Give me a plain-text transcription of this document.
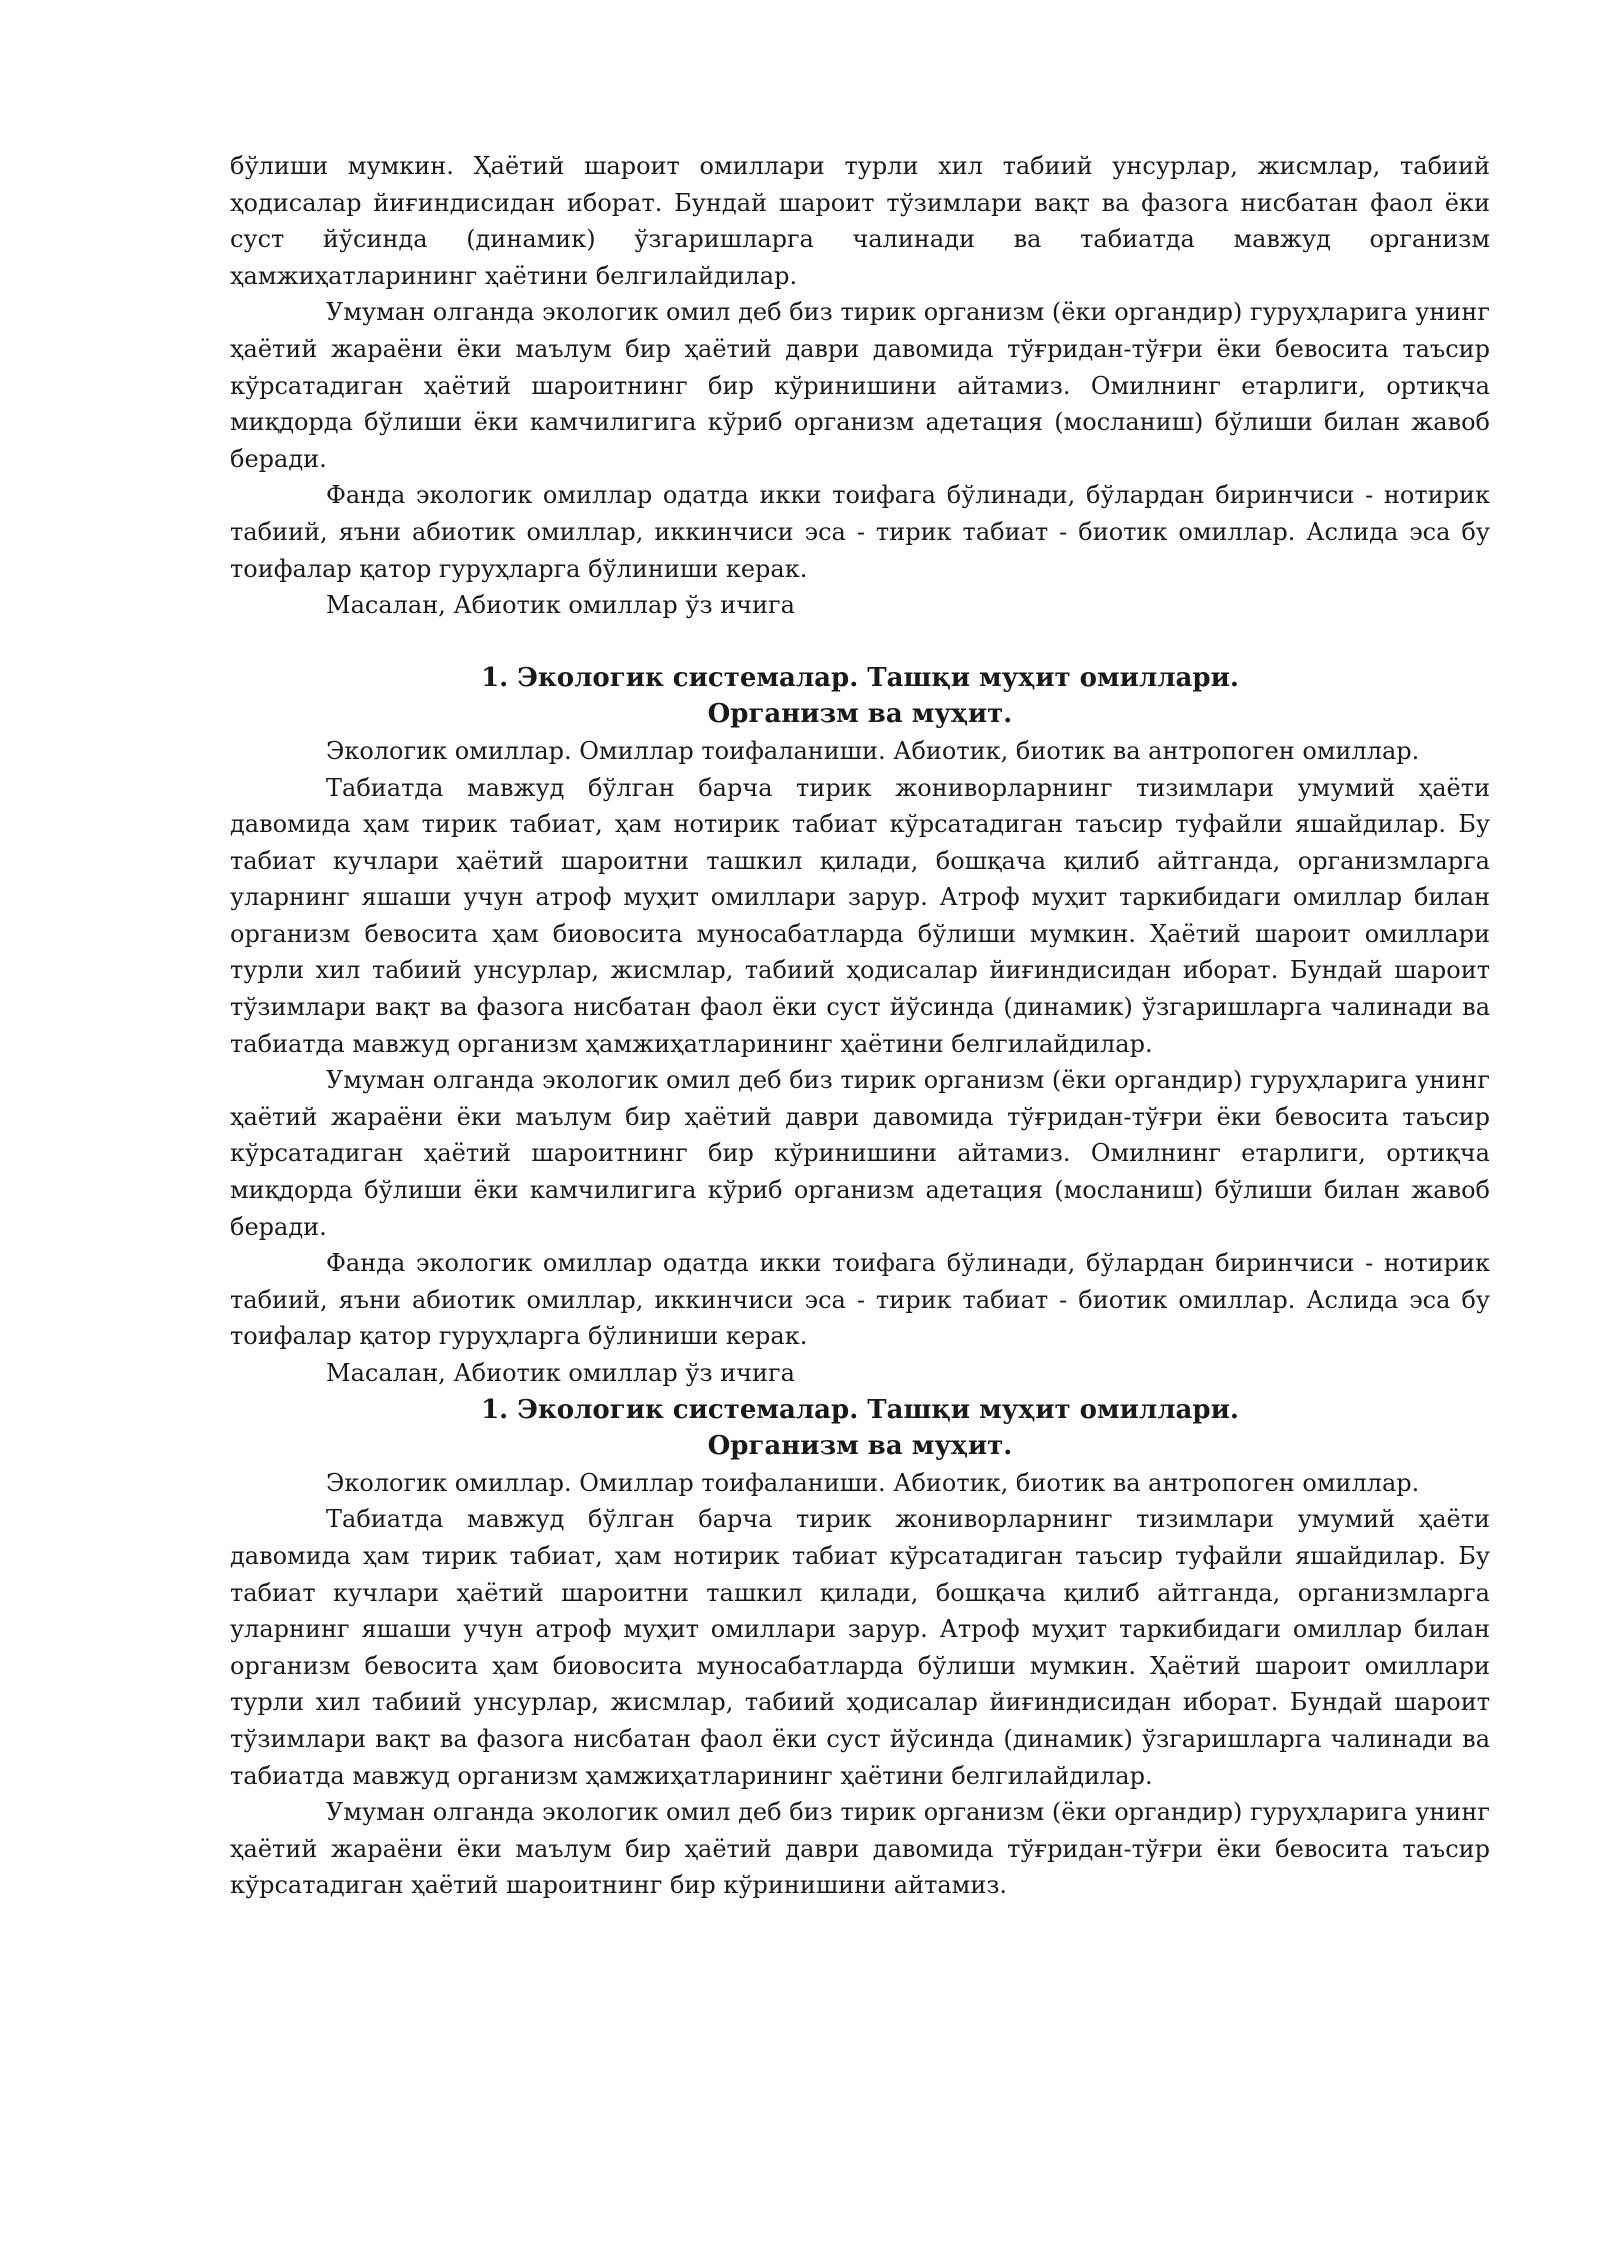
бўлиши мумкин. Ҳаётий шароит омиллари турли хил табиий унсурлар, жисмлар, табиий ҳодисалар йиғиндисидан иборат. Бундай шароит тўзимлари вақт ва фазога нисбатан фаол ёки суст йўсинда (динамик) ўзгаришларга чалинади ва табиатда мавжуд организм ҳамжиҳатларининг ҳаётини белгилайдилар.

Умуман олганда экологик омил деб биз тирик организм (ёки органдир) гуруҳларига унинг ҳаётий жараёни ёки маълум бир ҳаётий даври давомида тўғридан-тўғри ёки бевосита таъсир кўрсатадиган ҳаётий шароитнинг бир кўринишини айтамиз. Омилнинг етарлиги, ортиқча миқдорда бўлиши ёки камчилигига кўриб организм адетация (мосланиш) бўлиши билан жавоб беради.

Фанда экологик омиллар одатда икки тоифага бўлинади, бўлардан биринчиси - нотирик табиий, яъни абиотик омиллар, иккинчиси эса - тирик табиат - биотик омиллар. Аслида эса бу тоифалар қатор гуруҳларга бўлиниши керак.

Масалан, Абиотик омиллар ўз ичига

1. Экологик системалар. Ташқи муҳит омиллари.

Организм ва муҳит.

Экологик омиллар. Омиллар тоифаланиши. Абиотик, биотик ва антропоген омиллар.

Табиатда мавжуд бўлган барча тирик жониворларнинг тизимлари умумий ҳаёти давомида ҳам тирик табиат, ҳам нотирик табиат кўрсатадиган таъсир туфайли яшайдилар. Бу табиат кучлари ҳаётий шароитни ташкил қилади, бошқача қилиб айтганда, организмларга уларнинг яшаши учун атроф муҳит омиллари зарур. Атроф муҳит таркибидаги омиллар билан организм бевосита ҳам биовосита муносабатларда бўлиши мумкин. Ҳаётий шароит омиллари турли хил табиий унсурлар, жисмлар, табиий ҳодисалар йиғиндисидан иборат. Бундай шароит тўзимлари вақт ва фазога нисбатан фаол ёки суст йўсинда (динамик) ўзгаришларга чалинади ва табиатда мавжуд организм ҳамжиҳатларининг ҳаётини белгилайдилар.

Умуман олганда экологик омил деб биз тирик организм (ёки органдир) гуруҳларига унинг ҳаётий жараёни ёки маълум бир ҳаётий даври давомида тўғридан-тўғри ёки бевосита таъсир кўрсатадиган ҳаётий шароитнинг бир кўринишини айтамиз. Омилнинг етарлиги, ортиқча миқдорда бўлиши ёки камчилигига кўриб организм адетация (мосланиш) бўлиши билан жавоб беради.

Фанда экологик омиллар одатда икки тоифага бўлинади, бўлардан биринчиси - нотирик табиий, яъни абиотик омиллар, иккинчиси эса - тирик табиат - биотик омиллар. Аслида эса бу тоифалар қатор гуруҳларга бўлиниши керак.

Масалан, Абиотик омиллар ўз ичига

1. Экологик системалар. Ташқи муҳит омиллари.

Организм ва муҳит.

Экологик омиллар. Омиллар тоифаланиши. Абиотик, биотик ва антропоген омиллар.

Табиатда мавжуд бўлган барча тирик жониворларнинг тизимлари умумий ҳаёти давомида ҳам тирик табиат, ҳам нотирик табиат кўрсатадиган таъсир туфайли яшайдилар. Бу табиат кучлари ҳаётий шароитни ташкил қилади, бошқача қилиб айтганда, организмларга уларнинг яшаши учун атроф муҳит омиллари зарур. Атроф муҳит таркибидаги омиллар билан организм бевосита ҳам биовосита муносабатларда бўлиши мумкин. Ҳаётий шароит омиллари турли хил табиий унсурлар, жисмлар, табиий ҳодисалар йиғиндисидан иборат. Бундай шароит тўзимлари вақт ва фазога нисбатан фаол ёки суст йўсинда (динамик) ўзгаришларга чалинади ва табиатда мавжуд организм ҳамжиҳатларининг ҳаётини белгилайдилар.

Умуман олганда экологик омил деб биз тирик организм (ёки органдир) гуруҳларига унинг ҳаётий жараёни ёки маълум бир ҳаётий даври давомида тўғридан-тўғри ёки бевосита таъсир кўрсатадиган ҳаётий шароитнинг бир кўринишини айтамиз.
